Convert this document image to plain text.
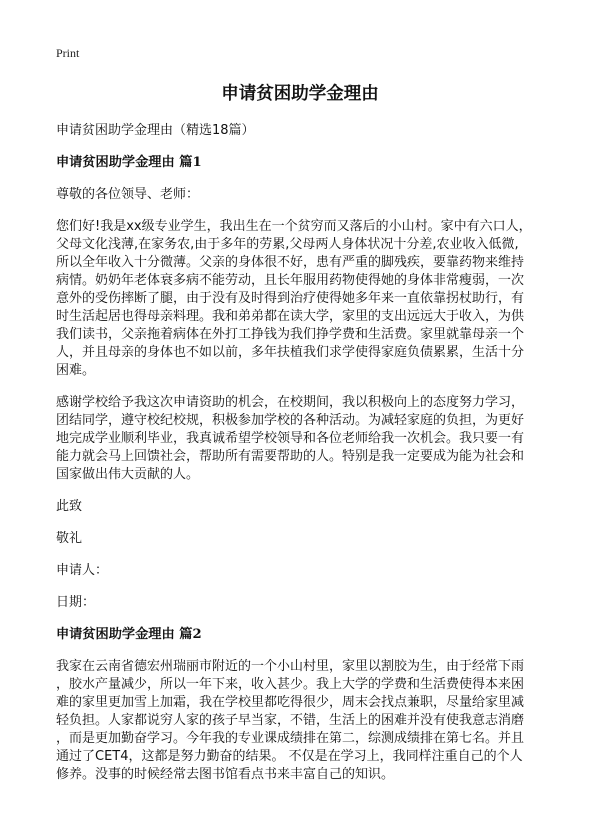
Print
申请贫困助学金理由

申请贫困助学金理由（精选18篇）

申请贫困助学金理由 篇1

尊敬的各位领导、老师：

您们好!我是xx级专业学生，我出生在一个贫穷而又落后的小山村。家中有六口人，
父母文化浅薄,在家务农,由于多年的劳累,父母两人身体状况十分差,农业收入低微,
所以全年收入十分微薄。父亲的身体很不好，患有严重的脚残疾，要靠药物来维持
病情。奶奶年老体衰多病不能劳动，且长年服用药物使得她的身体非常瘦弱，一次
意外的受伤摔断了腿，由于没有及时得到治疗使得她多年来一直依靠拐杖助行，有
时生活起居也得母亲料理。我和弟弟都在读大学，家里的支出远远大于收入，为供
我们读书，父亲拖着病体在外打工挣钱为我们挣学费和生活费。家里就靠母亲一个
人，并且母亲的身体也不如以前，多年扶植我们求学使得家庭负债累累，生活十分
困难。
感谢学校给予我这次申请资助的机会，在校期间，我以积极向上的态度努力学习，
团结同学，遵守校纪校规，积极参加学校的各种活动。为减轻家庭的负担，为更好
地完成学业顺利毕业，我真诚希望学校领导和各位老师给我一次机会。我只要一有
能力就会马上回馈社会，帮助所有需要帮助的人。特别是我一定要成为能为社会和
国家做出伟大贡献的人。

此致

敬礼

申请人：

日期：

申请贫困助学金理由 篇2

我家在云南省德宏州瑞丽市附近的一个小山村里，家里以割胶为生，由于经常下雨
，胶水产量减少，所以一年下来，收入甚少。我上大学的学费和生活费使得本来困
难的家里更加雪上加霜，我在学校里都吃得很少，周末会找点兼职，尽量给家里减
轻负担。人家都说穷人家的孩子早当家，不错，生活上的困难并没有使我意志消磨
，而是更加勤奋学习。今年我的专业课成绩排在第二，综测成绩排在第七名。并且
通过了CET4，这都是努力勤奋的结果。 不仅是在学习上，我同样注重自己的个人
修养。没事的时候经常去图书馆看点书来丰富自己的知识。
